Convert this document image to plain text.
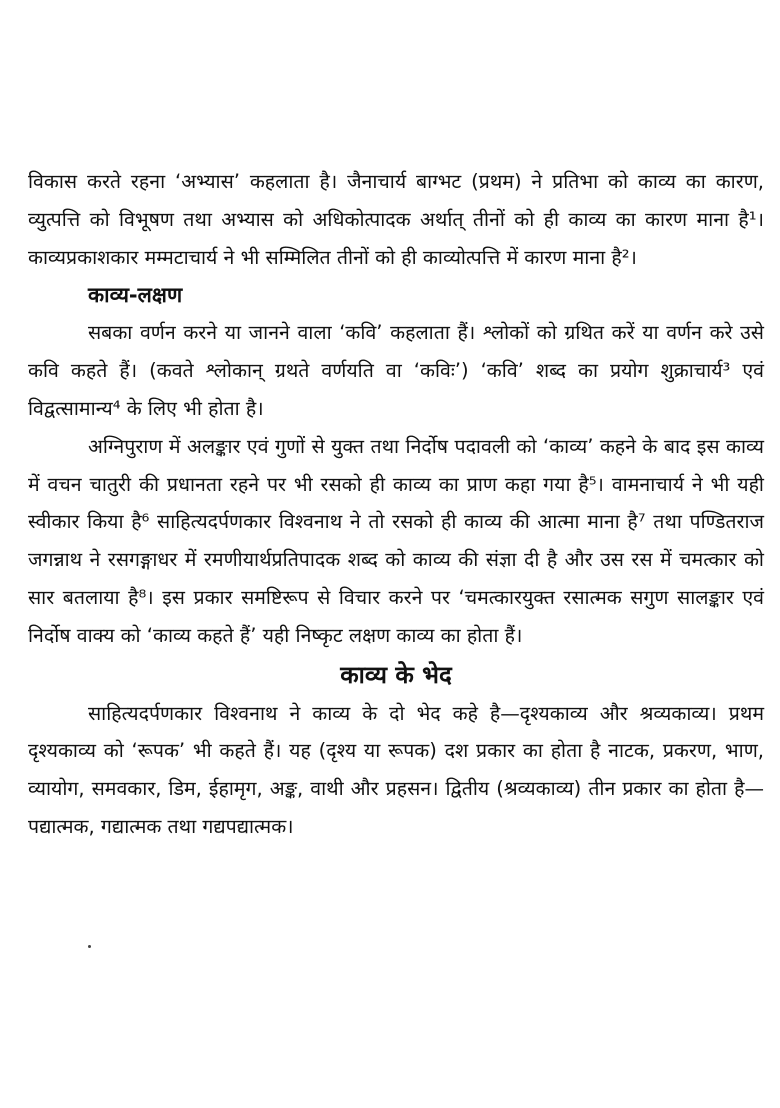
विकास करते रहना ‘अभ्यास’ कहलाता है। जैनाचार्य बाग्भट (प्रथम) ने प्रतिभा को काव्य का कारण, व्युत्पत्ति को विभूषण तथा अभ्यास को अधिकोत्पादक अर्थात् तीनों को ही काव्य का कारण माना है¹। काव्यप्रकाशकार मम्मटाचार्य ने भी सम्मिलित तीनों को ही काव्योत्पत्ति में कारण माना है²।

काव्य-लक्षण

सबका वर्णन करने या जानने वाला ‘कवि’ कहलाता हैं। श्लोकों को ग्रथित करें या वर्णन करे उसे कवि कहते हैं। (कवते श्लोकान् ग्रथते वर्णयति वा ‘कविः’) ‘कवि’ शब्द का प्रयोग शुक्राचार्य³ एवं विद्वत्सामान्य⁴ के लिए भी होता है।

अग्निपुराण में अलङ्कार एवं गुणों से युक्त तथा निर्दोष पदावली को ‘काव्य’ कहने के बाद इस काव्य में वचन चातुरी की प्रधानता रहने पर भी रसको ही काव्य का प्राण कहा गया है⁵। वामनाचार्य ने भी यही स्वीकार किया है⁶ साहित्यदर्पणकार विश्वनाथ ने तो रसको ही काव्य की आत्मा माना है⁷ तथा पण्डितराज जगन्नाथ ने रसगङ्गाधर में रमणीयार्थप्रतिपादक शब्द को काव्य की संज्ञा दी है और उस रस में चमत्कार को सार बतलाया है⁸। इस प्रकार समष्टिरूप से विचार करने पर ‘चमत्कारयुक्त रसात्मक सगुण सालङ्कार एवं निर्दोष वाक्य को ‘काव्य कहते हैं’ यही निष्कृट लक्षण काव्य का होता हैं।

काव्य के भेद

साहित्यदर्पणकार विश्वनाथ ने काव्य के दो भेद कहे है—दृश्यकाव्य और श्रव्यकाव्य। प्रथम दृश्यकाव्य को ‘रूपक’ भी कहते हैं। यह (दृश्य या रूपक) दश प्रकार का होता है नाटक, प्रकरण, भाण, व्यायोग, समवकार, डिम, ईहामृग, अङ्क, वाथी और प्रहसन। द्वितीय (श्रव्यकाव्य) तीन प्रकार का होता है—पद्यात्मक, गद्यात्मक तथा गद्यपद्यात्मक।
